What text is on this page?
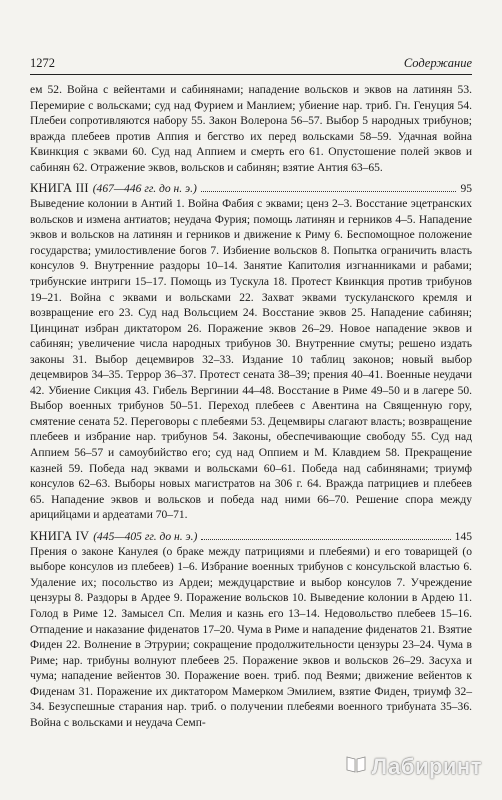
1272	Содержание

ем 52. Война с вейентами и сабинянами; нападение вольсков и эквов на латинян 53. Перемирие с вольсками; суд над Фурием и Манлием; убиение нар. триб. Гн. Генуция 54. Плебеи сопротивляются набору 55. Закон Волерона 56–57. Выбор 5 народных трибунов; вражда плебеев против Аппия и бегство их перед вольсками 58–59. Удачная война Квинкция с эквами 60. Суд над Аппием и смерть его 61. Опустошение полей эквов и сабинян 62. Отражение эквов, вольсков и сабинян; взятие Антия 63–65.

КНИГА III (467—446 гг. до н. э.)	95

Выведение колонии в Антий 1. Война Фабия с эквами; ценз 2–3. Восстание эцетранских вольсков и измена антиатов; неудача Фурия; помощь латинян и герников 4–5. Нападение эквов и вольсков на латинян и герников и движение к Риму 6. Беспомощное положение государства; умилостивление богов 7. Избиение вольсков 8. Попытка ограничить власть консулов 9. Внутренние раздоры 10–14. Занятие Капитолия изгнанниками и рабами; трибунские интриги 15–17. Помощь из Тускула 18. Протест Квинкция против трибунов 19–21. Война с эквами и вольсками 22. Захват эквами тускуланского кремля и возвращение его 23. Суд над Вольсцием 24. Восстание эквов 25. Нападение сабинян; Цинцинат избран диктатором 26. Поражение эквов 26–29. Новое нападение эквов и сабинян; увеличение числа народных трибунов 30. Внутренние смуты; решено издать законы 31. Выбор децемвиров 32–33. Издание 10 таблиц законов; новый выбор децемвиров 34–35. Террор 36–37. Протест сената 38–39; прения 40–41. Военные неудачи 42. Убиение Сикция 43. Гибель Вергинии 44–48. Восстание в Риме 49–50 и в лагере 50. Выбор военных трибунов 50–51. Переход плебеев с Авентина на Священную гору, смятение сената 52. Переговоры с плебеями 53. Децемвиры слагают власть; возвращение плебеев и избрание нар. трибунов 54. Законы, обеспечивающие свободу 55. Суд над Аппием 56–57 и самоубийство его; суд над Оппием и М. Клавдием 58. Прекращение казней 59. Победа над эквами и вольсками 60–61. Победа над сабинянами; триумф консулов 62–63. Выборы новых магистратов на 306 г. 64. Вражда патрициев и плебеев 65. Нападение эквов и вольсков и победа над ними 66–70. Решение спора между арицийцами и ардеатами 70–71.

КНИГА IV (445—405 гг. до н. э.)	145

Прения о законе Канулея (о браке между патрициями и плебеями) и его товарищей (о выборе консулов из плебеев) 1–6. Избрание военных трибунов с консульской властью 6. Удаление их; посольство из Ардеи; междуцарствие и выбор консулов 7. Учреждение цензуры 8. Раздоры в Ардее 9. Поражение вольсков 10. Выведение колонии в Ардею 11. Голод в Риме 12. Замысел Сп. Мелия и казнь его 13–14. Недовольство плебеев 15–16. Отпадение и наказание фиденатов 17–20. Чума в Риме и нападение фиденатов 21. Взятие Фиден 22. Волнение в Этрурии; сокращение продолжительности цензуры 23–24. Чума в Риме; нар. трибуны волнуют плебеев 25. Поражение эквов и вольсков 26–29. Засуха и чума; нападение вейентов 30. Поражение воен. триб. под Веями; движение вейентов к Фиденам 31. Поражение их диктатором Мамерком Эмилием, взятие Фиден, триумф 32–34. Безуспешные старания нар. триб. о получении плебеями военного трибуната 35–36. Война с вольсками и неудача Семп-

Лабиринт
